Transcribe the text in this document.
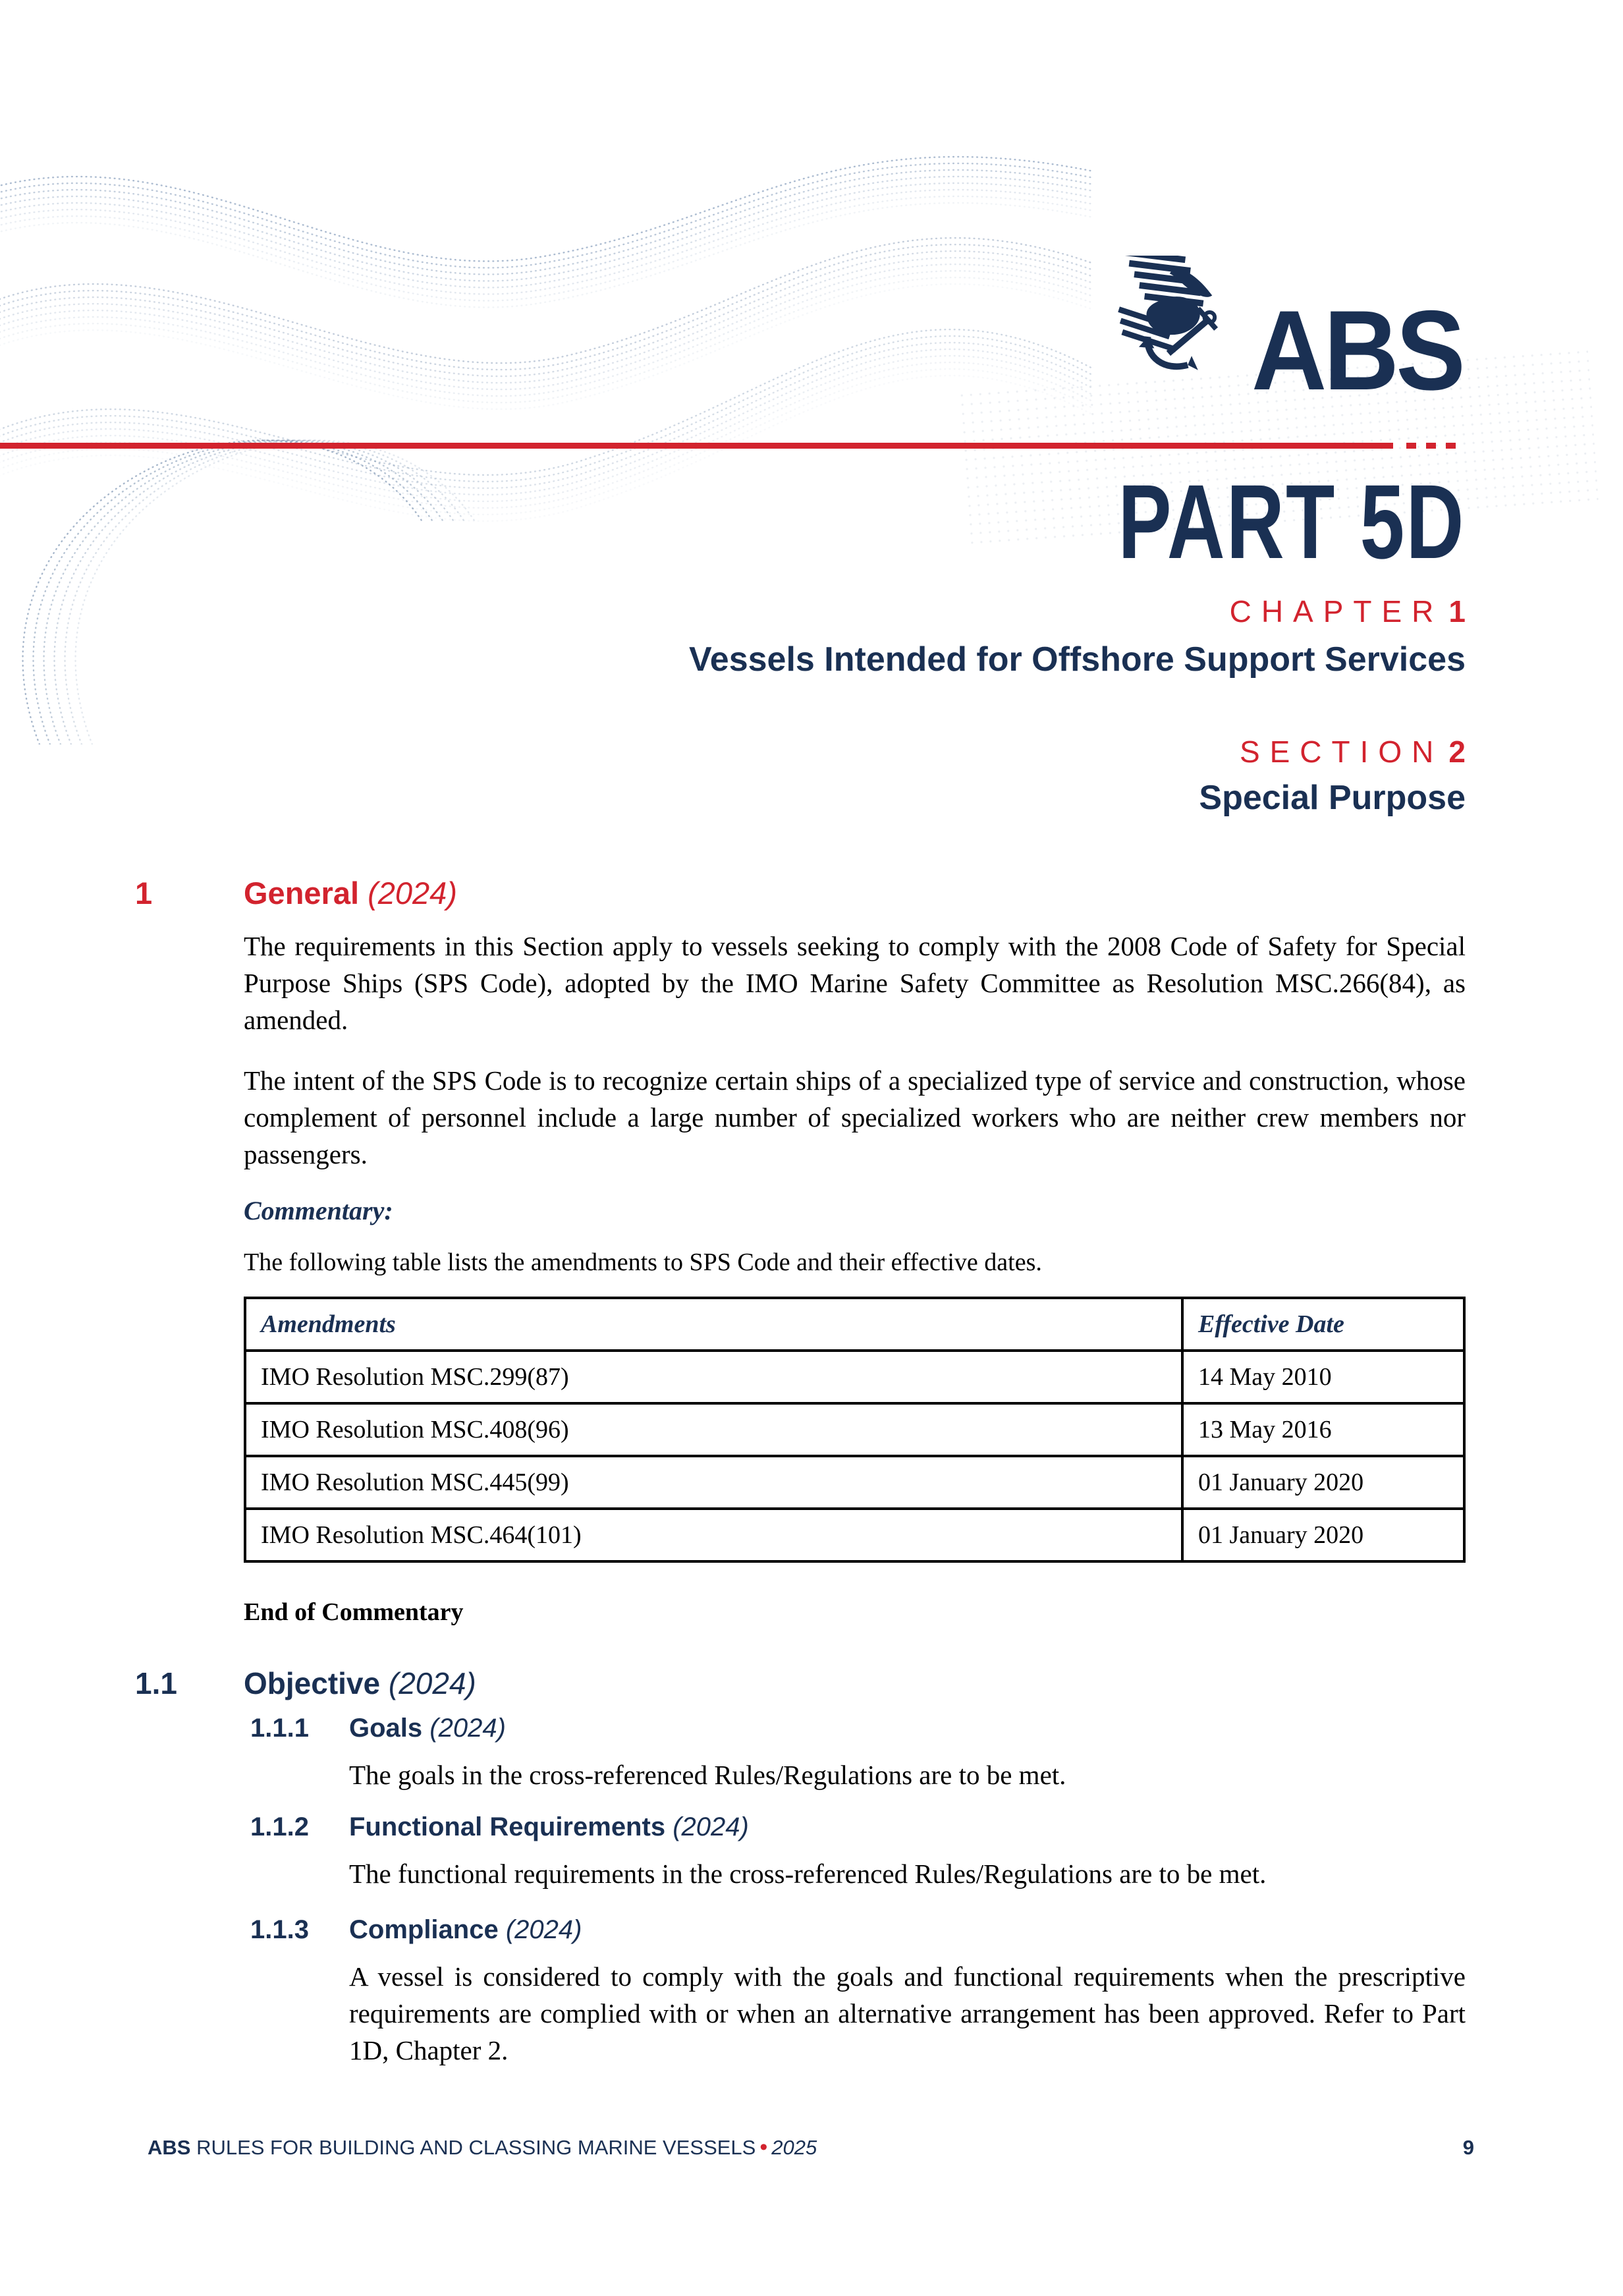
ABS
PART 5D
CHAPTER 1
Vessels Intended for Offshore Support Services
SECTION 2
Special Purpose
1	General (2024)

The requirements in this Section apply to vessels seeking to comply with the 2008 Code of Safety for Special Purpose Ships (SPS Code), adopted by the IMO Marine Safety Committee as Resolution MSC.266(84), as amended.

The intent of the SPS Code is to recognize certain ships of a specialized type of service and construction, whose complement of personnel include a large number of specialized workers who are neither crew members nor passengers.

Commentary:
The following table lists the amendments to SPS Code and their effective dates.
Amendments	Effective Date
IMO Resolution MSC.299(87)	14 May 2010
IMO Resolution MSC.408(96)	13 May 2016
IMO Resolution MSC.445(99)	01 January 2020
IMO Resolution MSC.464(101)	01 January 2020
End of Commentary
1.1 Objective (2024)
1.1.1 Goals (2024)

The goals in the cross-referenced Rules/Regulations are to be met.

1.1.2 Functional Requirements (2024)

The functional requirements in the cross-referenced Rules/Regulations are to be met.

1.1.3 Compliance (2024)

A vessel is considered to comply with the goals and functional requirements when the prescriptive requirements are complied with or when an alternative arrangement has been approved. Refer to Part 1D, Chapter 2.

ABS RULES FOR BUILDING AND CLASSING MARINE VESSELS • 2025	9
